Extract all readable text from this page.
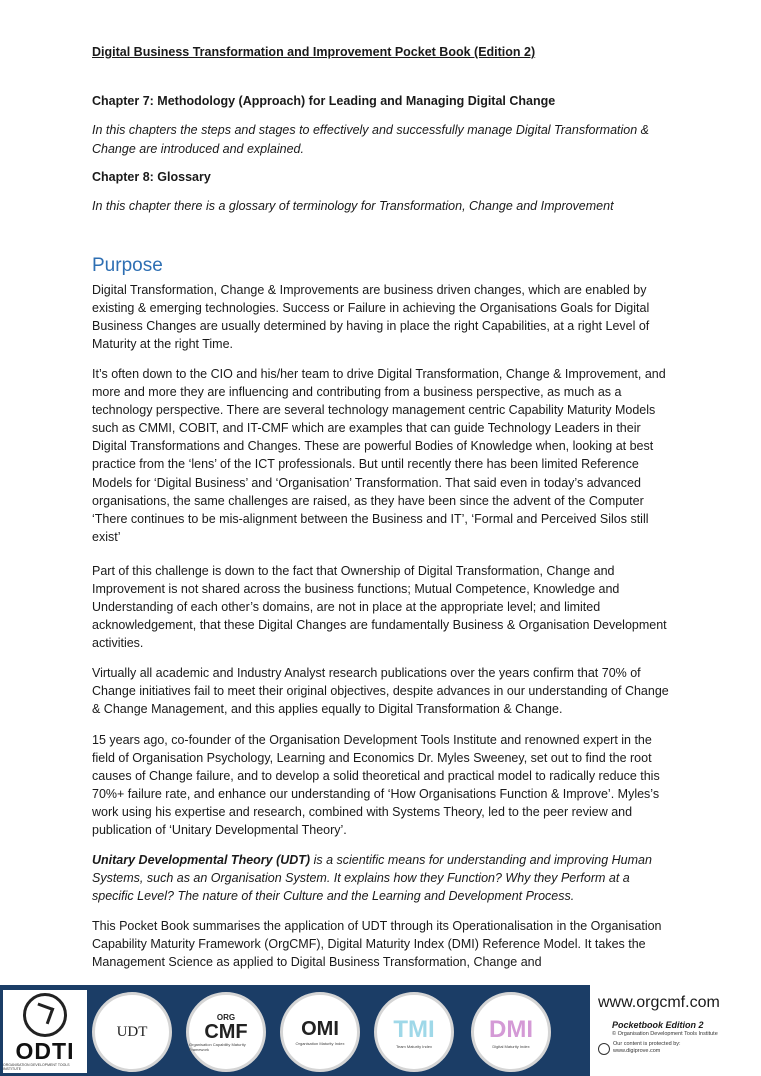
Digital Business Transformation and Improvement Pocket Book (Edition 2)
Chapter 7: Methodology (Approach) for Leading and Managing Digital Change
In this chapters the steps and stages to effectively and successfully manage Digital Transformation & Change are introduced and explained.
Chapter 8: Glossary
In this chapter there is a glossary of terminology for Transformation, Change and Improvement
Purpose
Digital Transformation, Change & Improvements are business driven changes, which are enabled by existing & emerging technologies. Success or Failure in achieving the Organisations Goals for Digital Business Changes are usually determined by having in place the right Capabilities, at a right Level of Maturity at the right Time.
It’s often down to the CIO and his/her team to drive Digital Transformation, Change & Improvement, and more and more they are influencing and contributing from a business perspective, as much as a technology perspective. There are several technology management centric Capability Maturity Models such as CMMI, COBIT, and IT-CMF which are examples that can guide Technology Leaders in their Digital Transformations and Changes. These are powerful Bodies of Knowledge when, looking at best practice from the ‘lens’ of the ICT professionals. But until recently there has been limited Reference Models for ‘Digital Business’ and ‘Organisation’ Transformation. That said even in today’s advanced organisations, the same challenges are raised, as they have been since the advent of the Computer ‘There continues to be mis-alignment between the Business and IT’, ‘Formal and Perceived Silos still exist’
Part of this challenge is down to the fact that Ownership of Digital Transformation, Change and Improvement is not shared across the business functions; Mutual Competence, Knowledge and Understanding of each other’s domains, are not in place at the appropriate level; and limited acknowledgement, that these Digital Changes are fundamentally Business & Organisation Development activities.
Virtually all academic and Industry Analyst research publications over the years confirm that 70% of Change initiatives fail to meet their original objectives, despite advances in our understanding of Change & Change Management, and this applies equally to Digital Transformation & Change.
15 years ago, co-founder of the Organisation Development Tools Institute and renowned expert in the field of Organisation Psychology, Learning and Economics Dr. Myles Sweeney, set out to find the root causes of Change failure, and to develop a solid theoretical and practical model to radically reduce this 70%+ failure rate, and enhance our understanding of ‘How Organisations Function & Improve’. Myles’s work using his expertise and research, combined with Systems Theory, led to the peer review and publication of ‘Unitary Developmental Theory’.
Unitary Developmental Theory (UDT) is a scientific means for understanding and improving Human Systems, such as an Organisation System. It explains how they Function? Why they Perform at a specific Level? The nature of their Culture and the Learning and Development Process.
This Pocket Book summarises the application of UDT through its Operationalisation in the Organisation Capability Maturity Framework (OrgCMF), Digital Maturity Index (DMI) Reference Model. It takes the Management Science as applied to Digital Business Transformation, Change and
ODTI
ORGANISATION DEVELOPMENT TOOLS INSTITUTE
UDT
ORG
CMF
Organisation Capability Maturity Framework
OMI
Organisation Maturity Index
TMI
Team Maturity Index
DMI
Digital Maturity Index
www.orgcmf.com
Pocketbook Edition 2
© Organisation Development Tools Institute
Our content is protected by:
www.digiprove.com
